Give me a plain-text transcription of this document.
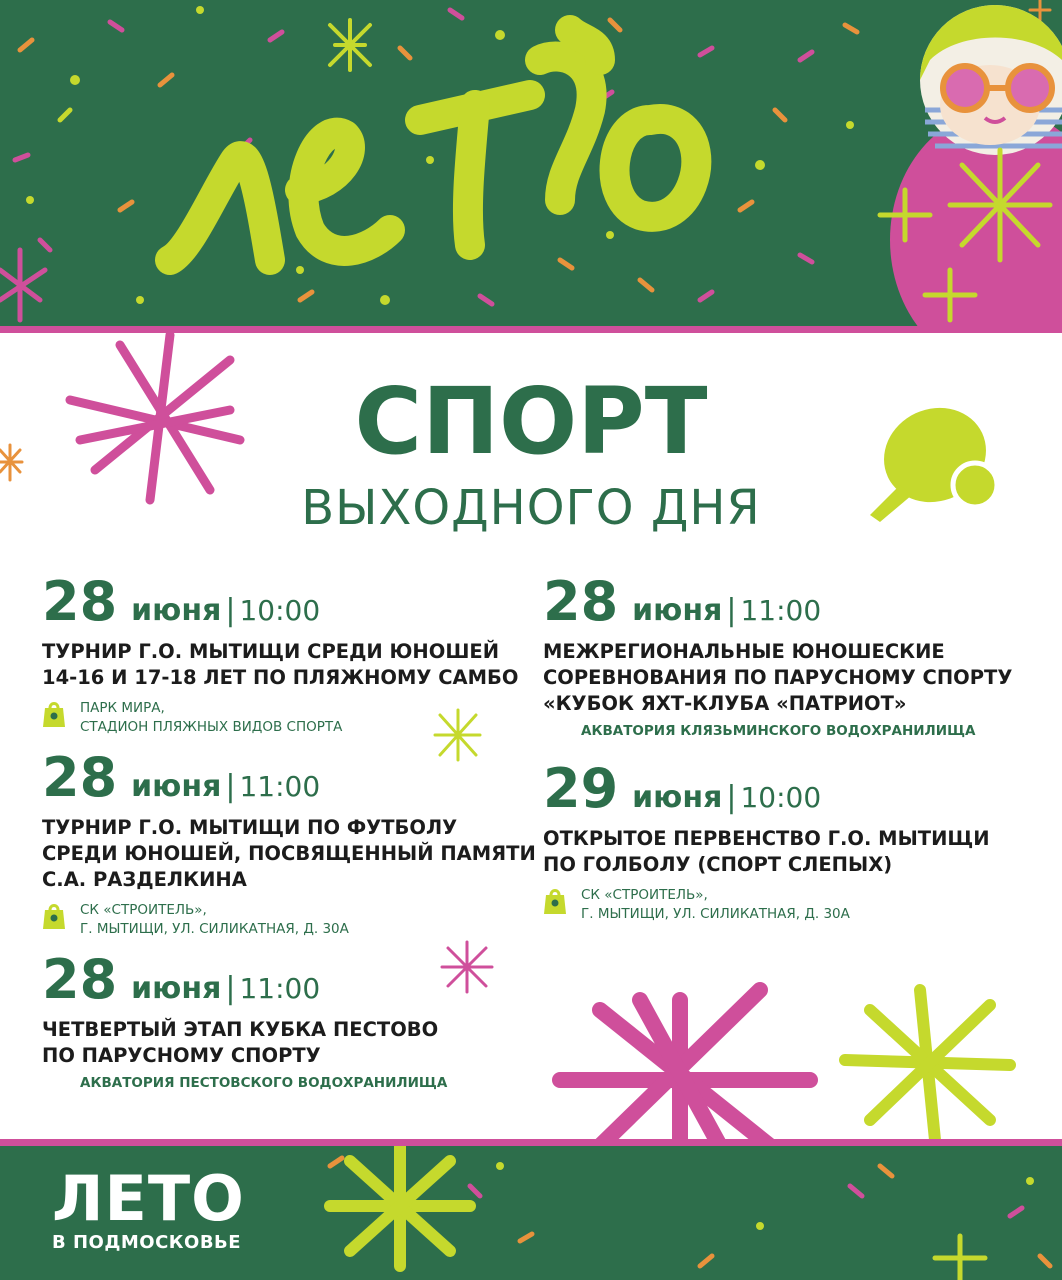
СПОРТ
ВЫХОДНОГО ДНЯ
28 июня | 10:00
ТУРНИР Г.О. МЫТИЩИ СРЕДИ ЮНОШЕЙ
14-16 И 17-18 ЛЕТ ПО ПЛЯЖНОМУ САМБО
ПАРК МИРА,
СТАДИОН ПЛЯЖНЫХ ВИДОВ СПОРТА
28 июня | 11:00
ТУРНИР Г.О. МЫТИЩИ ПО ФУТБОЛУ
СРЕДИ ЮНОШЕЙ, ПОСВЯЩЕННЫЙ ПАМЯТИ
С.А. РАЗДЕЛКИНА
СК «СТРОИТЕЛЬ»,
Г. МЫТИЩИ, УЛ. СИЛИКАТНАЯ, Д. 30А
28 июня | 11:00
ЧЕТВЕРТЫЙ ЭТАП КУБКА ПЕСТОВО
ПО ПАРУСНОМУ СПОРТУ
АКВАТОРИЯ ПЕСТОВСКОГО ВОДОХРАНИЛИЩА
28 июня | 11:00
МЕЖРЕГИОНАЛЬНЫЕ ЮНОШЕСКИЕ
СОРЕВНОВАНИЯ ПО ПАРУСНОМУ СПОРТУ
«КУБОК ЯХТ-КЛУБА «ПАТРИОТ»
АКВАТОРИЯ КЛЯЗЬМИНСКОГО ВОДОХРАНИЛИЩА
29 июня | 10:00
ОТКРЫТОЕ ПЕРВЕНСТВО Г.О. МЫТИЩИ
ПО ГОЛБОЛУ (СПОРТ СЛЕПЫХ)
СК «СТРОИТЕЛЬ»,
Г. МЫТИЩИ, УЛ. СИЛИКАТНАЯ, Д. 30А
ЛЕТО
В ПОДМОСКОВЬЕ
